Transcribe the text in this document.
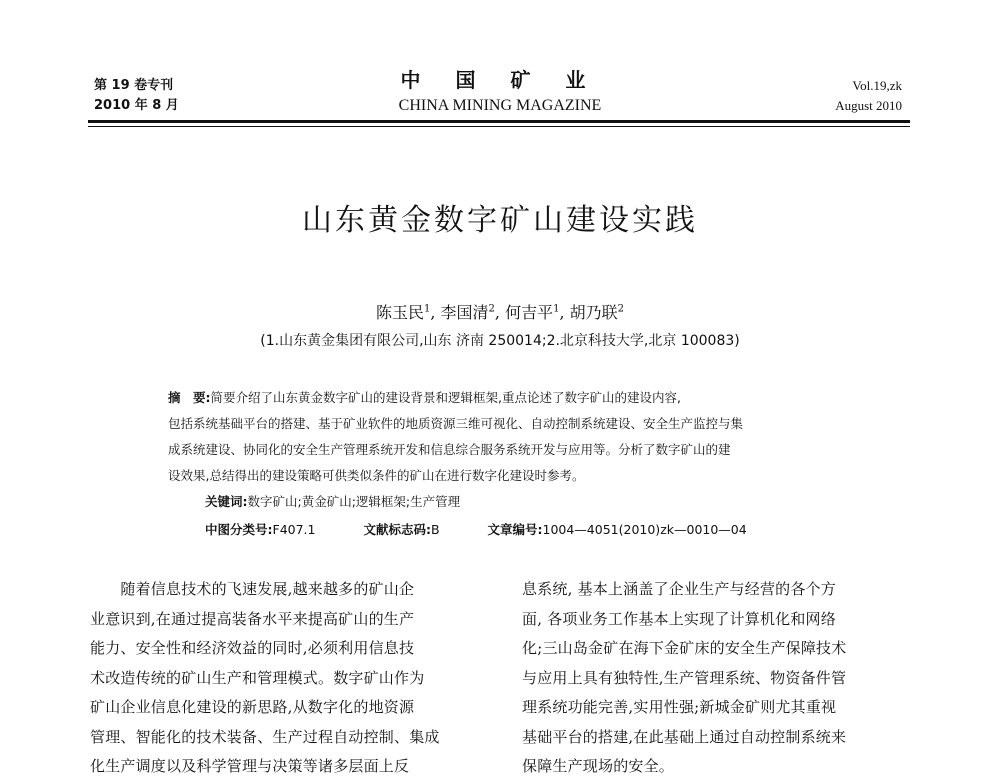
第 19 卷专刊
2010 年 8 月
中 国 矿 业
CHINA MINING MAGAZINE
Vol.19,zk
August 2010
山东黄金数字矿山建设实践
陈玉民$^1$, 李国清$^2$, 何吉平$^1$, 胡乃联$^2$
(1.山东黄金集团有限公司,山东 济南 250014;2.北京科技大学,北京 100083)
摘　要:简要介绍了山东黄金数字矿山的建设背景和逻辑框架,重点论述了数字矿山的建设内容,
包括系统基础平台的搭建、基于矿业软件的地质资源三维可视化、自动控制系统建设、安全生产监控与集
成系统建设、协同化的安全生产管理系统开发和信息综合服务系统开发与应用等。分析了数字矿山的建
设效果,总结得出的建设策略可供类似条件的矿山在进行数字化建设时参考。
关键词:数字矿山;黄金矿山;逻辑框架;生产管理
中图分类号:F407.1	文献标志码:B	文章编号:1004—4051(2010)zk—0010—04
　　随着信息技术的飞速发展,越来越多的矿山企
业意识到,在通过提高装备水平来提高矿山的生产
能力、安全性和经济效益的同时,必须利用信息技
术改造传统的矿山生产和管理模式。数字矿山作为
矿山企业信息化建设的新思路,从数字化的地资源
管理、智能化的技术装备、生产过程自动控制、集成
化生产调度以及科学管理与决策等诸多层面上反
息系统, 基本上涵盖了企业生产与经营的各个方
面, 各项业务工作基本上实现了计算机化和网络
化;三山岛金矿在海下金矿床的安全生产保障技术
与应用上具有独特性,生产管理系统、物资备件管
理系统功能完善,实用性强;新城金矿则尤其重视
基础平台的搭建,在此基础上通过自动控制系统来
保障生产现场的安全。
